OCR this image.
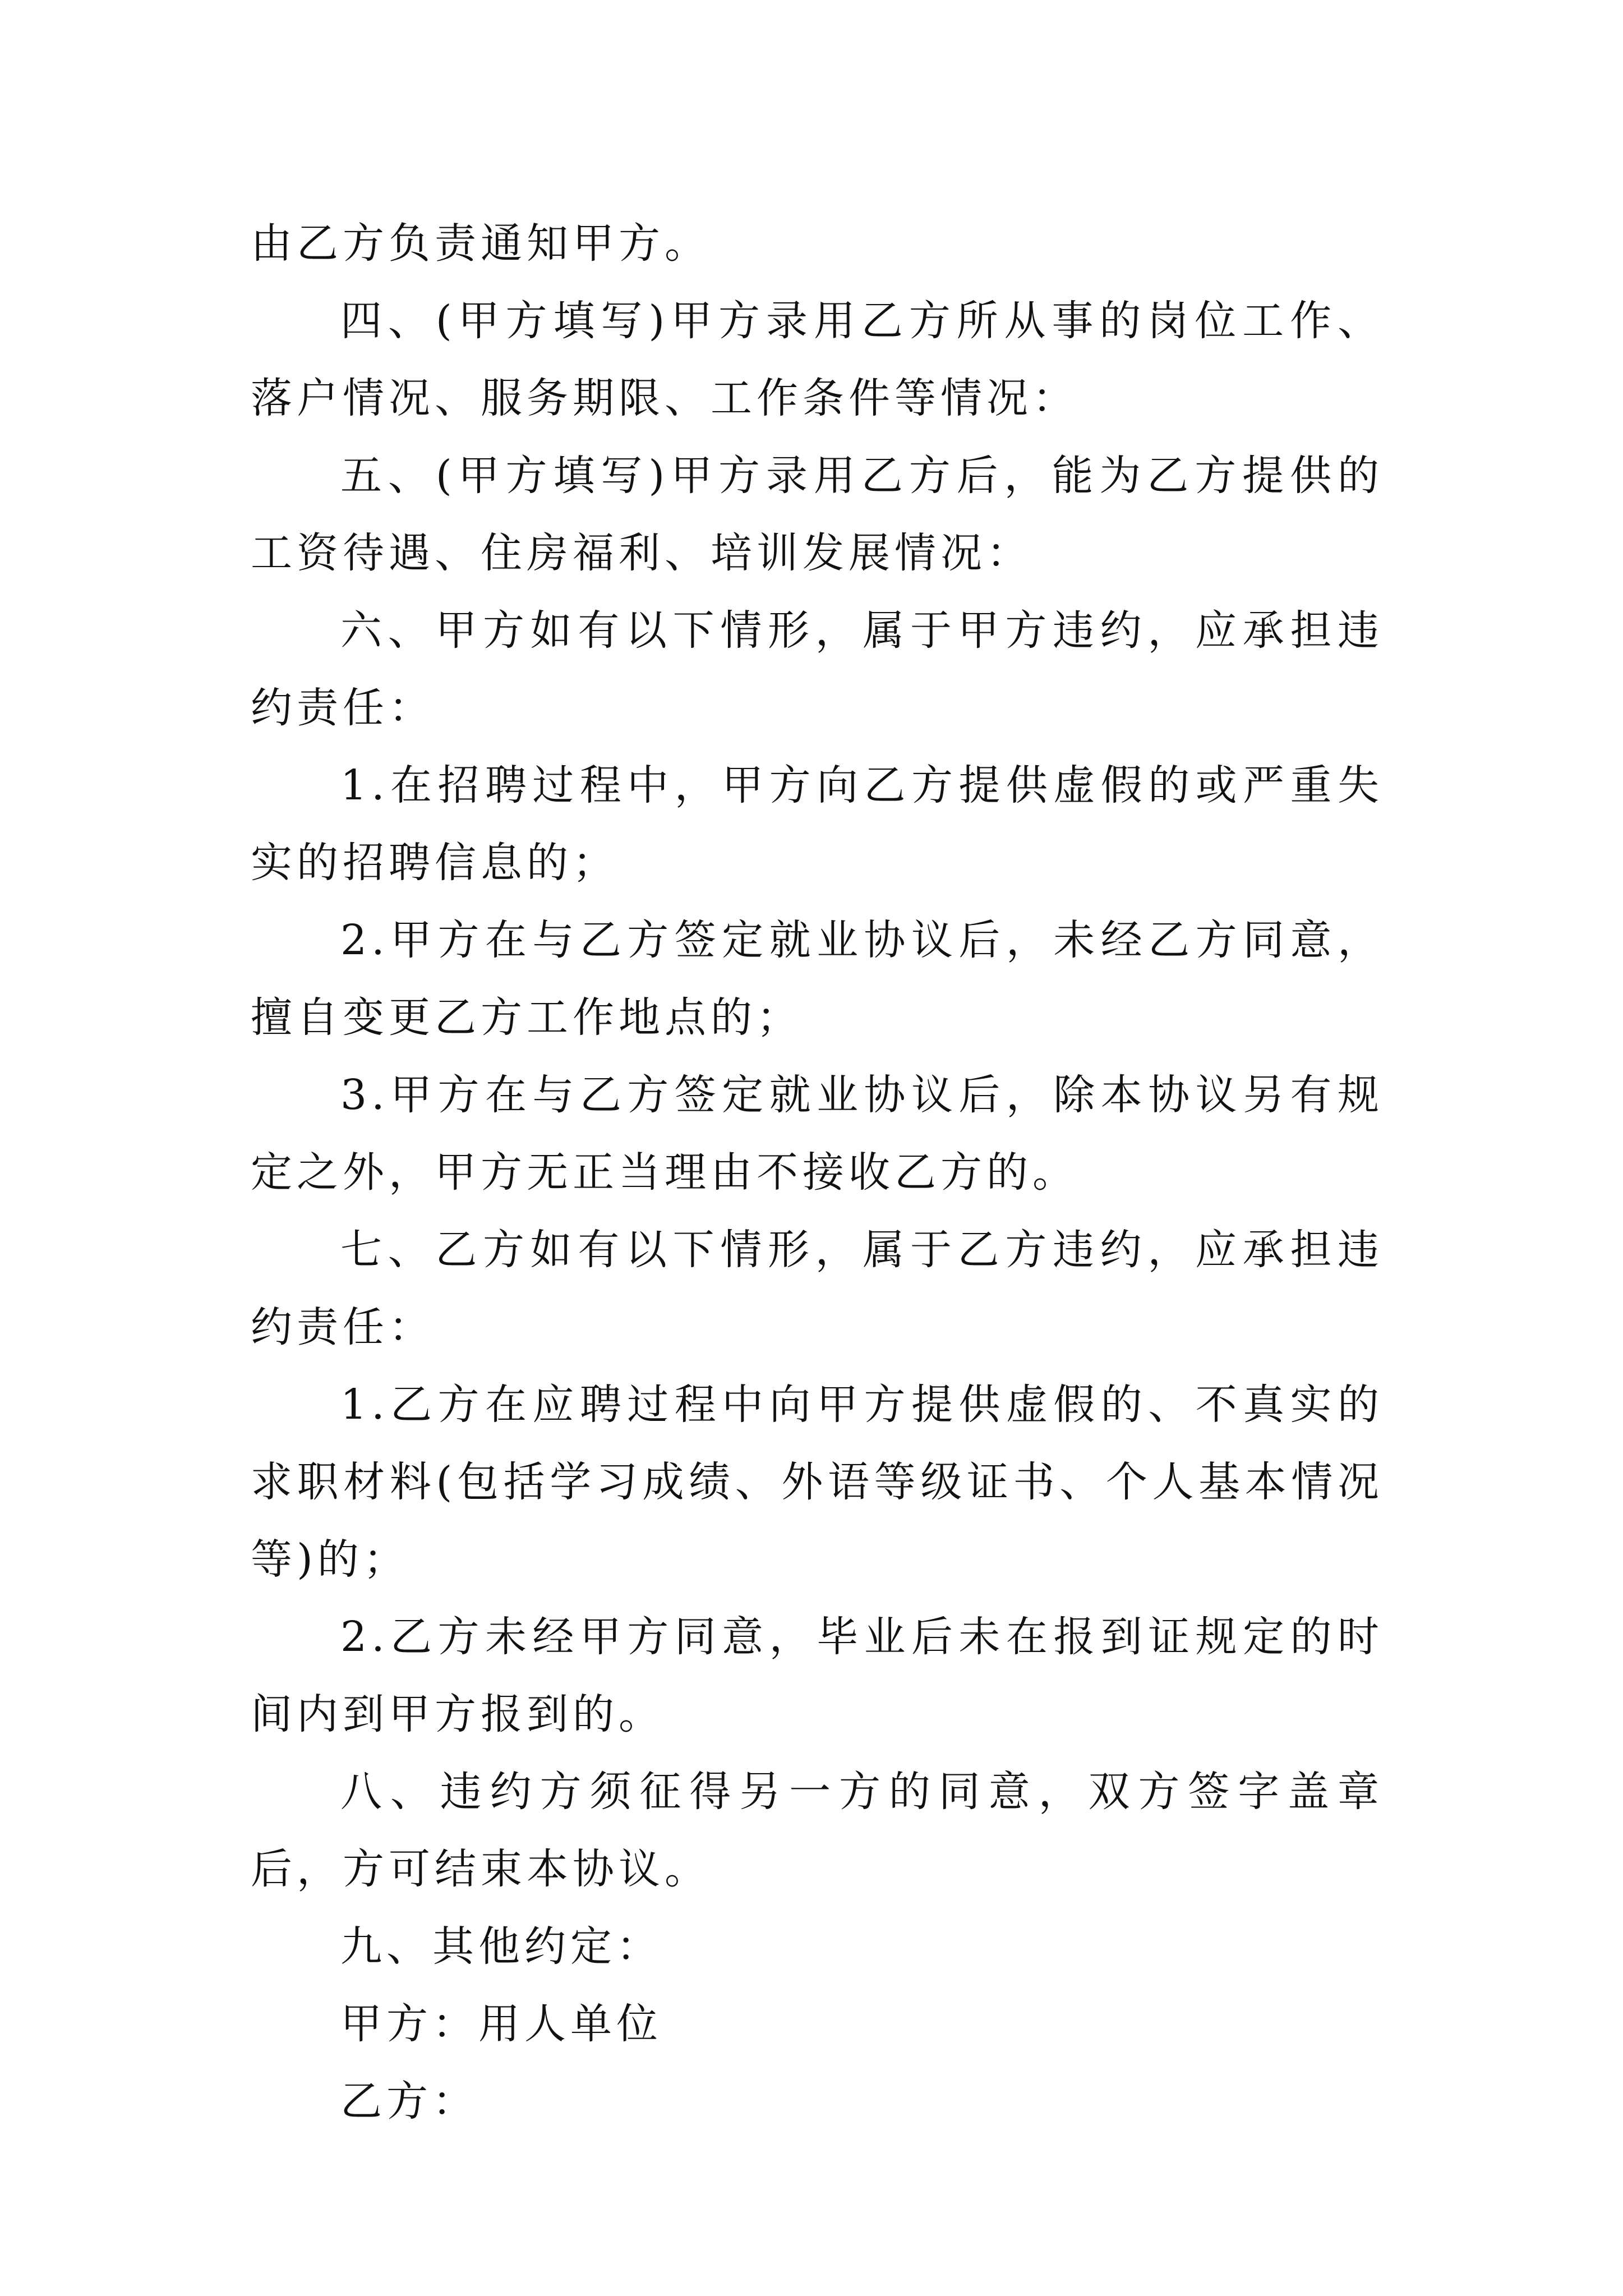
由乙方负责通知甲方。

四、(甲方填写)甲方录用乙方所从事的岗位工作、落户情况、服务期限、工作条件等情况：

五、(甲方填写)甲方录用乙方后，能为乙方提供的工资待遇、住房福利、培训发展情况：

六、甲方如有以下情形，属于甲方违约，应承担违约责任：

1.在招聘过程中，甲方向乙方提供虚假的或严重失实的招聘信息的；

2.甲方在与乙方签定就业协议后，未经乙方同意，擅自变更乙方工作地点的；

3.甲方在与乙方签定就业协议后，除本协议另有规定之外，甲方无正当理由不接收乙方的。

七、乙方如有以下情形，属于乙方违约，应承担违约责任：

1.乙方在应聘过程中向甲方提供虚假的、不真实的求职材料(包括学习成绩、外语等级证书、个人基本情况等)的；

2.乙方未经甲方同意，毕业后未在报到证规定的时间内到甲方报到的。

八、违约方须征得另一方的同意，双方签字盖章后，方可结束本协议。

九、其他约定：

甲方：用人单位

乙方：
